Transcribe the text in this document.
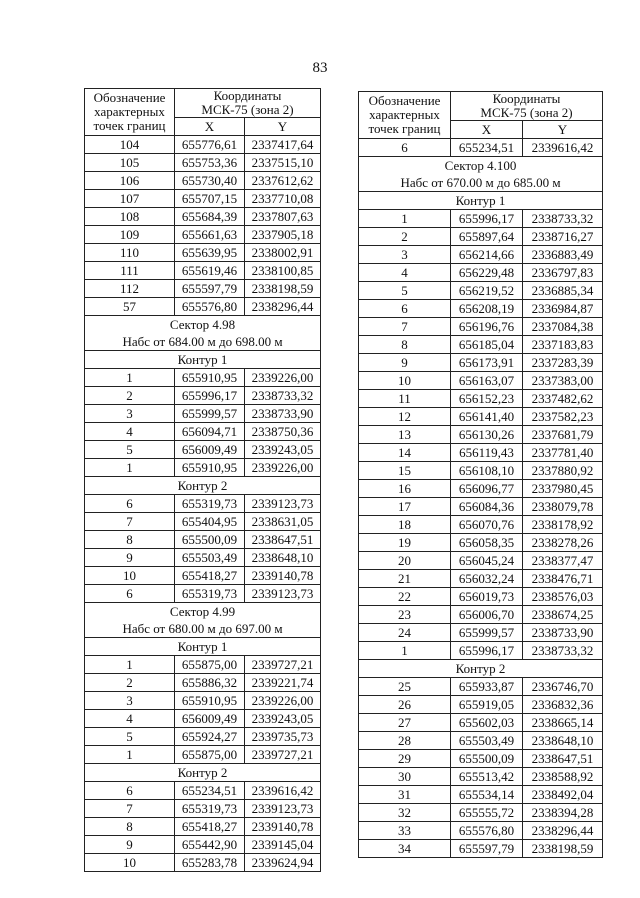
83
Обозначение
характерных
точек границ	Координаты
МСК-75 (зона 2)	
	X	Y
104	655776,61	2337417,64
105	655753,36	2337515,10
106	655730,40	2337612,62
107	655707,15	2337710,08
108	655684,39	2337807,63
109	655661,63	2337905,18
110	655639,95	2338002,91
111	655619,46	2338100,85
112	655597,79	2338198,59
57	655576,80	2338296,44

Сектор 4.98
Набс от 684.00 м до 698.00 м		

Контур 1		
1	655910,95	2339226,00
2	655996,17	2338733,32
3	655999,57	2338733,90
4	656094,71	2338750,36
5	656009,49	2339243,05
1	655910,95	2339226,00
Контур 2		
6	655319,73	2339123,73
7	655404,95	2338631,05
8	655500,09	2338647,51
9	655503,49	2338648,10
10	655418,27	2339140,78
6	655319,73	2339123,73

Сектор 4.99
Набс от 680.00 м до 697.00 м		

Контур 1		
1	655875,00	2339727,21
2	655886,32	2339221,74
3	655910,95	2339226,00
4	656009,49	2339243,05
5	655924,27	2339735,73
1	655875,00	2339727,21
Контур 2		
6	655234,51	2339616,42
7	655319,73	2339123,73
8	655418,27	2339140,78
9	655442,90	2339145,04
10	655283,78	2339624,94
Обозначение
характерных
точек границ	Координаты
МСК-75 (зона 2)	
	X	Y
6	655234,51	2339616,42

Сектор 4.100
Набс от 670.00 м до 685.00 м		

Контур 1		
1	655996,17	2338733,32
2	655897,64	2338716,27
3	656214,66	2336883,49
4	656229,48	2336797,83
5	656219,52	2336885,34
6	656208,19	2336984,87
7	656196,76	2337084,38
8	656185,04	2337183,83
9	656173,91	2337283,39
10	656163,07	2337383,00
11	656152,23	2337482,62
12	656141,40	2337582,23
13	656130,26	2337681,79
14	656119,43	2337781,40
15	656108,10	2337880,92
16	656096,77	2337980,45
17	656084,36	2338079,78
18	656070,76	2338178,92
19	656058,35	2338278,26
20	656045,24	2338377,47
21	656032,24	2338476,71
22	656019,73	2338576,03
23	656006,70	2338674,25
24	655999,57	2338733,90
1	655996,17	2338733,32
Контур 2		
25	655933,87	2336746,70
26	655919,05	2336832,36
27	655602,03	2338665,14
28	655503,49	2338648,10
29	655500,09	2338647,51
30	655513,42	2338588,92
31	655534,14	2338492,04
32	655555,72	2338394,28
33	655576,80	2338296,44
34	655597,79	2338198,59
